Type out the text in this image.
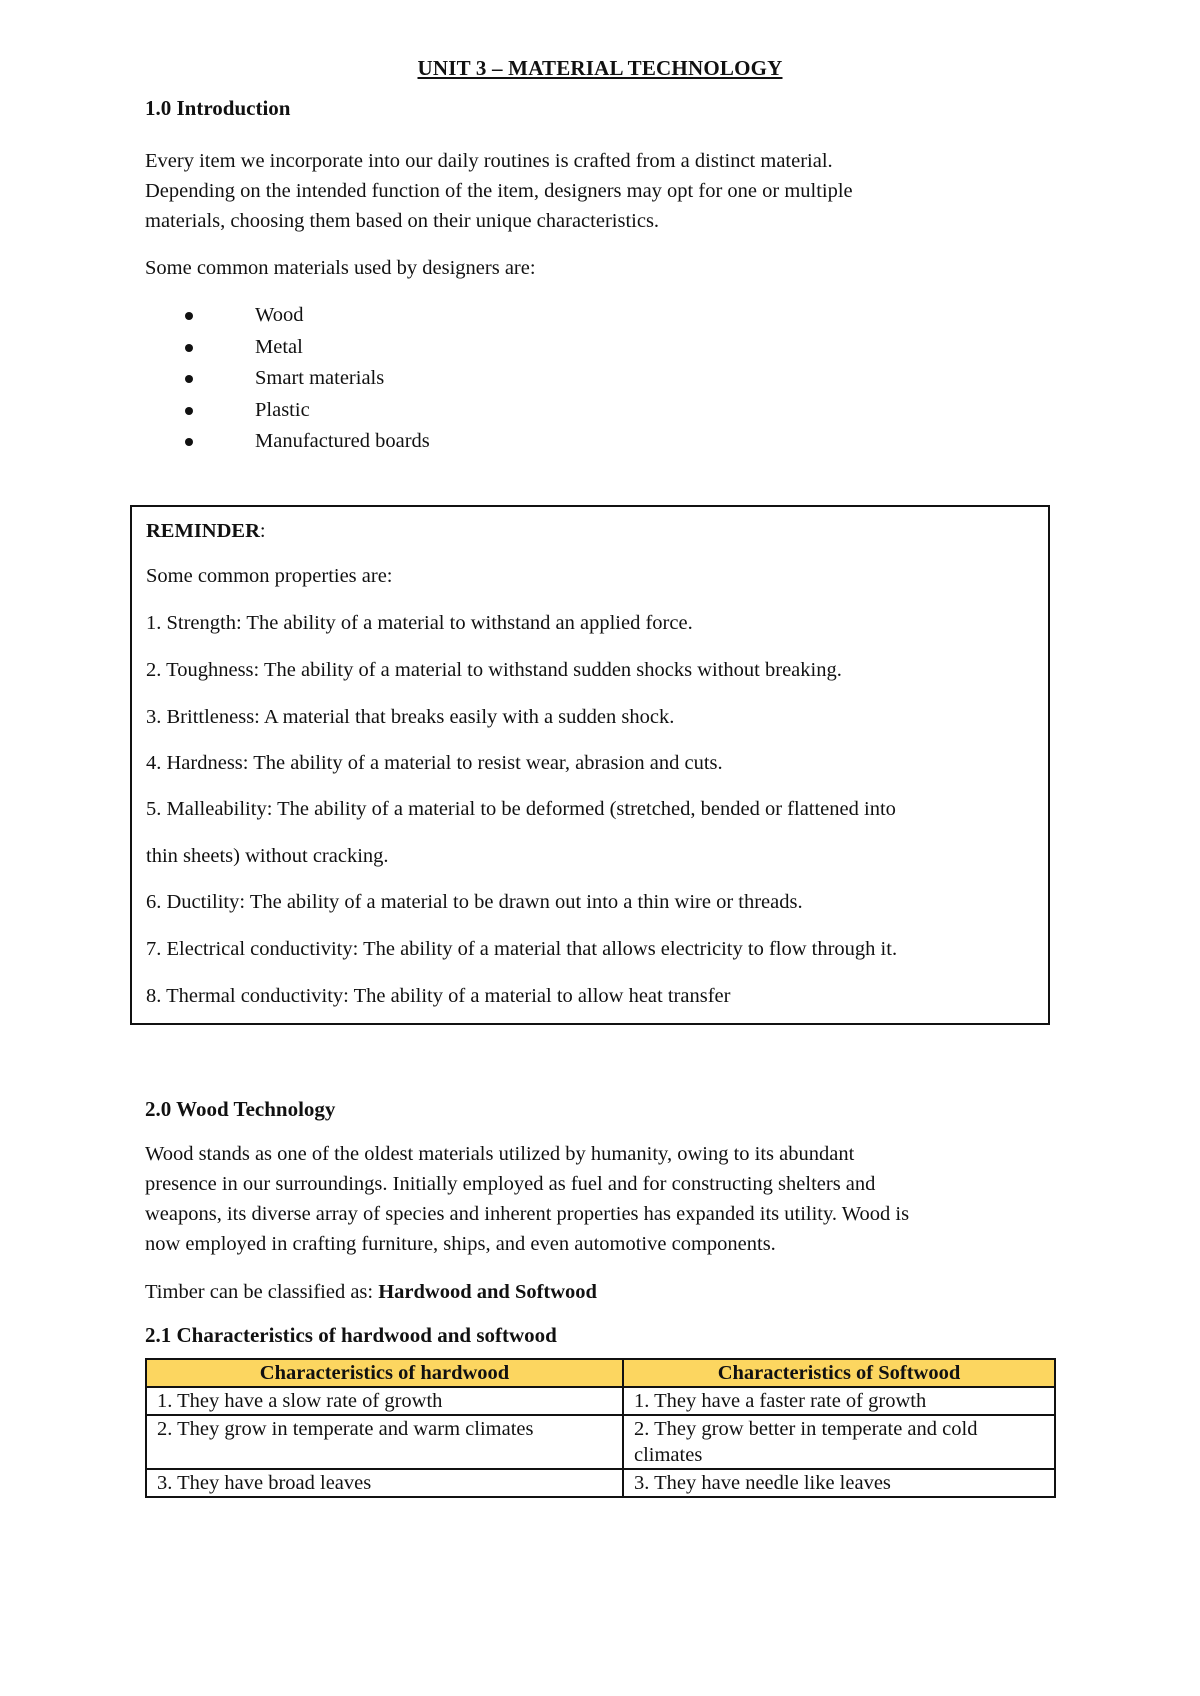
UNIT 3 – MATERIAL TECHNOLOGY
1.0 Introduction
Every item we incorporate into our daily routines is crafted from a distinct material.
Depending on the intended function of the item, designers may opt for one or multiple
materials, choosing them based on their unique characteristics.
Some common materials used by designers are:
Wood
Metal
Smart materials
Plastic
Manufactured boards
REMINDER:
Some common properties are:
1. Strength: The ability of a material to withstand an applied force.
2. Toughness: The ability of a material to withstand sudden shocks without breaking.
3. Brittleness: A material that breaks easily with a sudden shock.
4. Hardness: The ability of a material to resist wear, abrasion and cuts.
5. Malleability: The ability of a material to be deformed (stretched, bended or flattened into
thin sheets) without cracking.
6. Ductility: The ability of a material to be drawn out into a thin wire or threads.
7. Electrical conductivity: The ability of a material that allows electricity to flow through it.
8. Thermal conductivity: The ability of a material to allow heat transfer
2.0 Wood Technology
Wood stands as one of the oldest materials utilized by humanity, owing to its abundant
presence in our surroundings. Initially employed as fuel and for constructing shelters and
weapons, its diverse array of species and inherent properties has expanded its utility. Wood is
now employed in crafting furniture, ships, and even automotive components.
Timber can be classified as: Hardwood and Softwood
2.1 Characteristics of hardwood and softwood
Characteristics of hardwood	Characteristics of Softwood
1. They have a slow rate of growth	1. They have a faster rate of growth
2. They grow in temperate and warm climates	2. They grow better in temperate and cold climates
3. They have broad leaves	3. They have needle like leaves
